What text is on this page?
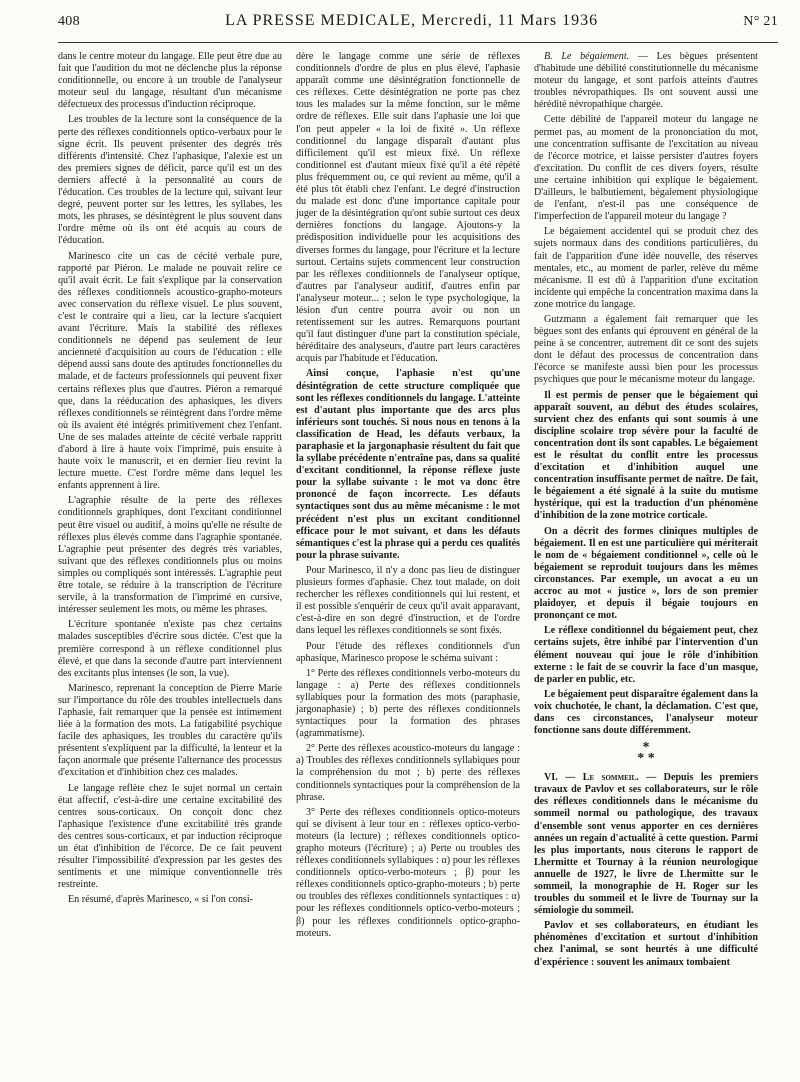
408	LA PRESSE MEDICALE, Mercredi, 11 Mars 1936	N° 21

dans le centre moteur du langage. Elle peut être due au fait que l'audition du mot ne déclenche plus la réponse conditionnelle, ou encore à un trouble de l'analyseur moteur seul du langage, résultant d'un mécanisme défectueux des processus d'induction réciproque.

Les troubles de la lecture sont la conséquence de la perte des réflexes conditionnels optico-verbaux pour le signe écrit. Ils peuvent présenter des degrés très différents d'intensité. Chez l'aphasique, l'alexie est un des premiers signes de déficit, parce qu'il est un des derniers affecté à la personnalité au cours de l'éducation. Ces troubles de la lecture qui, suivant leur degré, peuvent porter sur les lettres, les syllabes, les mots, les phrases, se désintègrent le plus souvent dans l'ordre même où ils ont été acquis au cours de l'éducation.

Marinesco cite un cas de cécité verbale pure, rapporté par Piéron. Le malade ne pouvait relire ce qu'il avait écrit. Le fait s'explique par la conservation des réflexes conditionnels acoustico-grapho-moteurs avec conservation du réflexe visuel. Le plus souvent, c'est le contraire qui a lieu, car la lecture s'acquiert avant l'écriture. Mais la stabilité des réflexes conditionnels ne dépend pas seulement de leur ancienneté d'acquisition au cours de l'éducation : elle dépend aussi sans doute des aptitudes fonctionnelles du malade, et de facteurs professionnels qui peuvent fixer certains réflexes plus que d'autres. Piéron a remarqué que, dans la rééducation des aphasiques, les divers réflexes conditionnels se réintègrent dans l'ordre même où ils avaient été intégrés primitivement chez l'enfant. Une de ses malades atteinte de cécité verbale rappritt d'abord à lire à haute voix l'imprimé, puis ensuite à haute voix le manuscrit, et en dernier lieu revint la lecture muette. C'est l'ordre même dans lequel les enfants apprennent à lire.

L'agraphie résulte de la perte des réflexes conditionnels graphiques, dont l'excitant conditionnel peut être visuel ou auditif, à moins qu'elle ne résulte de réflexes plus élevés comme dans l'agraphie spontanée. L'agraphie peut présenter des degrés très variables, suivant que des réflexes conditionnels plus ou moins simples ou compliqués sont intéressés. L'agraphie peut être totale, se réduire à la transcription de l'écriture servile, à la transformation de l'imprimé en cursive, intéresser seulement les mots, ou même les phrases.

L'écriture spontanée n'existe pas chez certains malades susceptibles d'écrire sous dictée. C'est que la première correspond à un réflexe conditionnel plus élevé, et que dans la seconde d'autre part interviennent des excitants plus intenses (le son, la vue).

Marinesco, reprenant la conception de Pierre Marie sur l'importance du rôle des troubles intellectuels dans l'aphasie, fait remarquer que la pensée est intimement liée à la formation des mots. La fatigabilité psychique facile des aphasiques, les troubles du caractère qu'ils présentent s'expliquent par la difficulté, la lenteur et la façon anormale que présente l'alternance des processus d'excitation et d'inhibition chez ces malades.

Le langage reflète chez le sujet normal un certain état affectif, c'est-à-dire une certaine excitabilité des centres sous-corticaux. On conçoit donc chez l'aphasique l'existence d'une excitabilité très grande des centres sous-corticaux, et par induction réciproque un état d'inhibition de l'écorce. De ce fait peuvent résulter l'impossibilité d'expression par les gestes des sentiments et une mimique conventionnelle très restreinte.

En résumé, d'après Marinesco, « si l'on consi-

dère le langage comme une série de réflexes conditionnels d'ordre de plus en plus élevé, l'aphasie apparaît comme une désintégration fonctionnelle de ces réflexes. Cette désintégration ne porte pas chez tous les malades sur la même fonction, sur le même ordre de réflexes. Elle suit dans l'aphasie une loi que l'on peut appeler « la loi de fixité ». Un réflexe conditionnel du langage disparaît d'autant plus difficilement qu'il est mieux fixé. Un réflexe conditionnel est d'autant mieux fixé qu'il a été répété plus fréquemment ou, ce qui revient au même, qu'il a été plus tôt établi chez l'enfant. Le degré d'instruction du malade est donc d'une importance capitale pour juger de la désintégration qu'ont subie surtout ces deux dernières fonctions du langage. Ajoutons-y la prédisposition individuelle pour les acquisitions des diverses formes du langage, pour l'écriture et la lecture surtout. Certains sujets commencent leur construction par les réflexes conditionnels de l'analyseur optique, d'autres par l'analyseur auditif, d'autres enfin par l'analyseur moteur... ; selon le type psychologique, la lésion d'un centre pourra avoir ou non un retentissement sur les autres. Remarquons pourtant qu'il faut distinguer d'une part la constitution spéciale, héréditaire des analyseurs, d'autre part leurs caractères acquis par l'habitude et l'éducation.

Ainsi conçue, l'aphasie n'est qu'une désintégration de cette structure compliquée que sont les réflexes conditionnels du langage. L'atteinte est d'autant plus importante que des arcs plus inférieurs sont touchés. Si nous nous en tenons à la classification de Head, les défauts verbaux, la paraphasie et la jargonaphasie résultent du fait que la syllabe précédente n'entraîne pas, dans sa qualité d'excitant conditionnel, la réponse réflexe juste pour la syllabe suivante : le mot va donc être prononcé de façon incorrecte. Les défauts syntactiques sont dus au même mécanisme : le mot précédent n'est plus un excitant conditionnel efficace pour le mot suivant, et dans les défauts sémantiques c'est la phrase qui a perdu ces qualités pour la phrase suivante.

Pour Marinesco, il n'y a donc pas lieu de distinguer plusieurs formes d'aphasie. Chez tout malade, on doit rechercher les réflexes conditionnels qui lui restent, et il est possible s'enquérir de ceux qu'il avait apparavant, c'est-à-dire en son degré d'instruction, et de l'ordre dans lequel les réflexes conditionnels se sont fixés.

Pour l'étude des réflexes conditionnels d'un aphasique, Marinesco propose le schéma suivant :

1° Perte des réflexes conditionnels verbo-moteurs du langage : a) Perte des réflexes conditionnels syllabiques pour la formation des mots (paraphasie, jargonaphasie) ; b) perte des réflexes conditionnels syntactiques pour la formation des phrases (agrammatisme).

2° Perte des réflexes acoustico-moteurs du langage : a) Troubles des réflexes conditionnels syllabiques pour la compréhension du mot ; b) perte des réflexes conditionnels syntactiques pour la compréhension de la phrase.

3° Perte des réflexes conditionnels optico-moteurs qui se divisent à leur tour en : réflexes optico-verbo-moteurs (la lecture) ; réflexes conditionnels optico-grapho moteurs (l'écriture) ; a) Perte ou troubles des réflexes conditionnels syllabiques : α) pour les réflexes conditionnels optico-verbo-moteurs ; β) pour les réflexes conditionnels optico-grapho-moteurs ; b) perte ou troubles des réflexes conditionnels syntactiques : α) pour les réflexes conditionnels optico-verbo-moteurs ; β) pour les réflexes conditionnels optico-grapho-moteurs.

B. Le bégaiement. — Les bègues présentent d'habitude une débilité constitutionnelle du mécanisme moteur du langage, et sont parfois atteints d'autres troubles névropathiques. Ils ont souvent aussi une hérédité névropathique chargée.

Cette débilité de l'appareil moteur du langage ne permet pas, au moment de la prononciation du mot, une concentration suffisante de l'excitation au niveau de l'écorce motrice, et laisse persister d'autres foyers d'excitation. Du conflit de ces divers foyers, résulte une certaine inhibition qui explique le bégaiement. D'ailleurs, le balbutiement, bégaiement physiologique de l'enfant, n'est-il pas une conséquence de l'imperfection de l'appareil moteur du langage ?

Le bégaiement accidentel qui se produit chez des sujets normaux dans des conditions particulières, du fait de l'apparition d'une idée nouvelle, des réserves mentales, etc., au moment de parler, relève du même mécanisme. Il est dû à l'apparition d'une excitation incidente qui empêche la concentration maxima dans la zone motrice du langage.

Gutzmann a également fait remarquer que les bègues sont des enfants qui éprouvent en général de la peine à se concentrer, autrement dit ce sont des sujets dont le défaut des processus de concentration dans l'écorce se manifeste aussi bien pour les processus psychiques que pour le mécanisme moteur du langage.

Il est permis de penser que le bégaiement qui apparaît souvent, au début des études scolaires, survient chez des enfants qui sont soumis à une discipline scolaire trop sévère pour la faculté de concentration dont ils sont capables. Le bégaiement est le résultat du conflit entre les processus d'excitation et d'inhibition auquel une concentration insuffisante permet de naître. De fait, le bégaiement a été signalé à la suite du mutisme hystérique, qui est la traduction d'un phénomène d'inhibition de la zone motrice corticale.

On a décrit des formes cliniques multiples de bégaiement. Il en est une particulière qui mériterait le nom de « bégaiement conditionnel », celle où le bégaiement se reproduit toujours dans les mêmes circonstances. Par exemple, un avocat a eu un accroc au mot « justice », lors de son premier plaidoyer, et depuis il bégaie toujours en prononçant ce mot.

Le réflexe conditionnel du bégaiement peut, chez certains sujets, être inhibé par l'intervention d'un élément nouveau qui joue le rôle d'inhibition externe : le fait de se couvrir la face d'un masque, de parler en public, etc.

Le bégaiement peut disparaître également dans la voix chuchotée, le chant, la déclamation. C'est que, dans ces circonstances, l'analyseur moteur fonctionne sans doute différemment.

*
* *

VI. — Le sommeil. — Depuis les premiers travaux de Pavlov et ses collaborateurs, sur le rôle des réflexes conditionnels dans le mécanisme du sommeil normal ou pathologique, des travaux d'ensemble sont venus apporter en ces dernières années un regain d'actualité à cette question. Parmi les plus importants, nous citerons le rapport de Lhermitte et Tournay à la réunion neurologique annuelle de 1927, le livre de Lhermitte sur le sommeil, la monographie de H. Roger sur les troubles du sommeil et le livre de Tournay sur la sémiologie du sommeil.

Pavlov et ses collaborateurs, en étudiant les phénomènes d'excitation et surtout d'inhibition chez l'animal, se sont heurtés à une difficulté d'expérience : souvent les animaux tombaient
